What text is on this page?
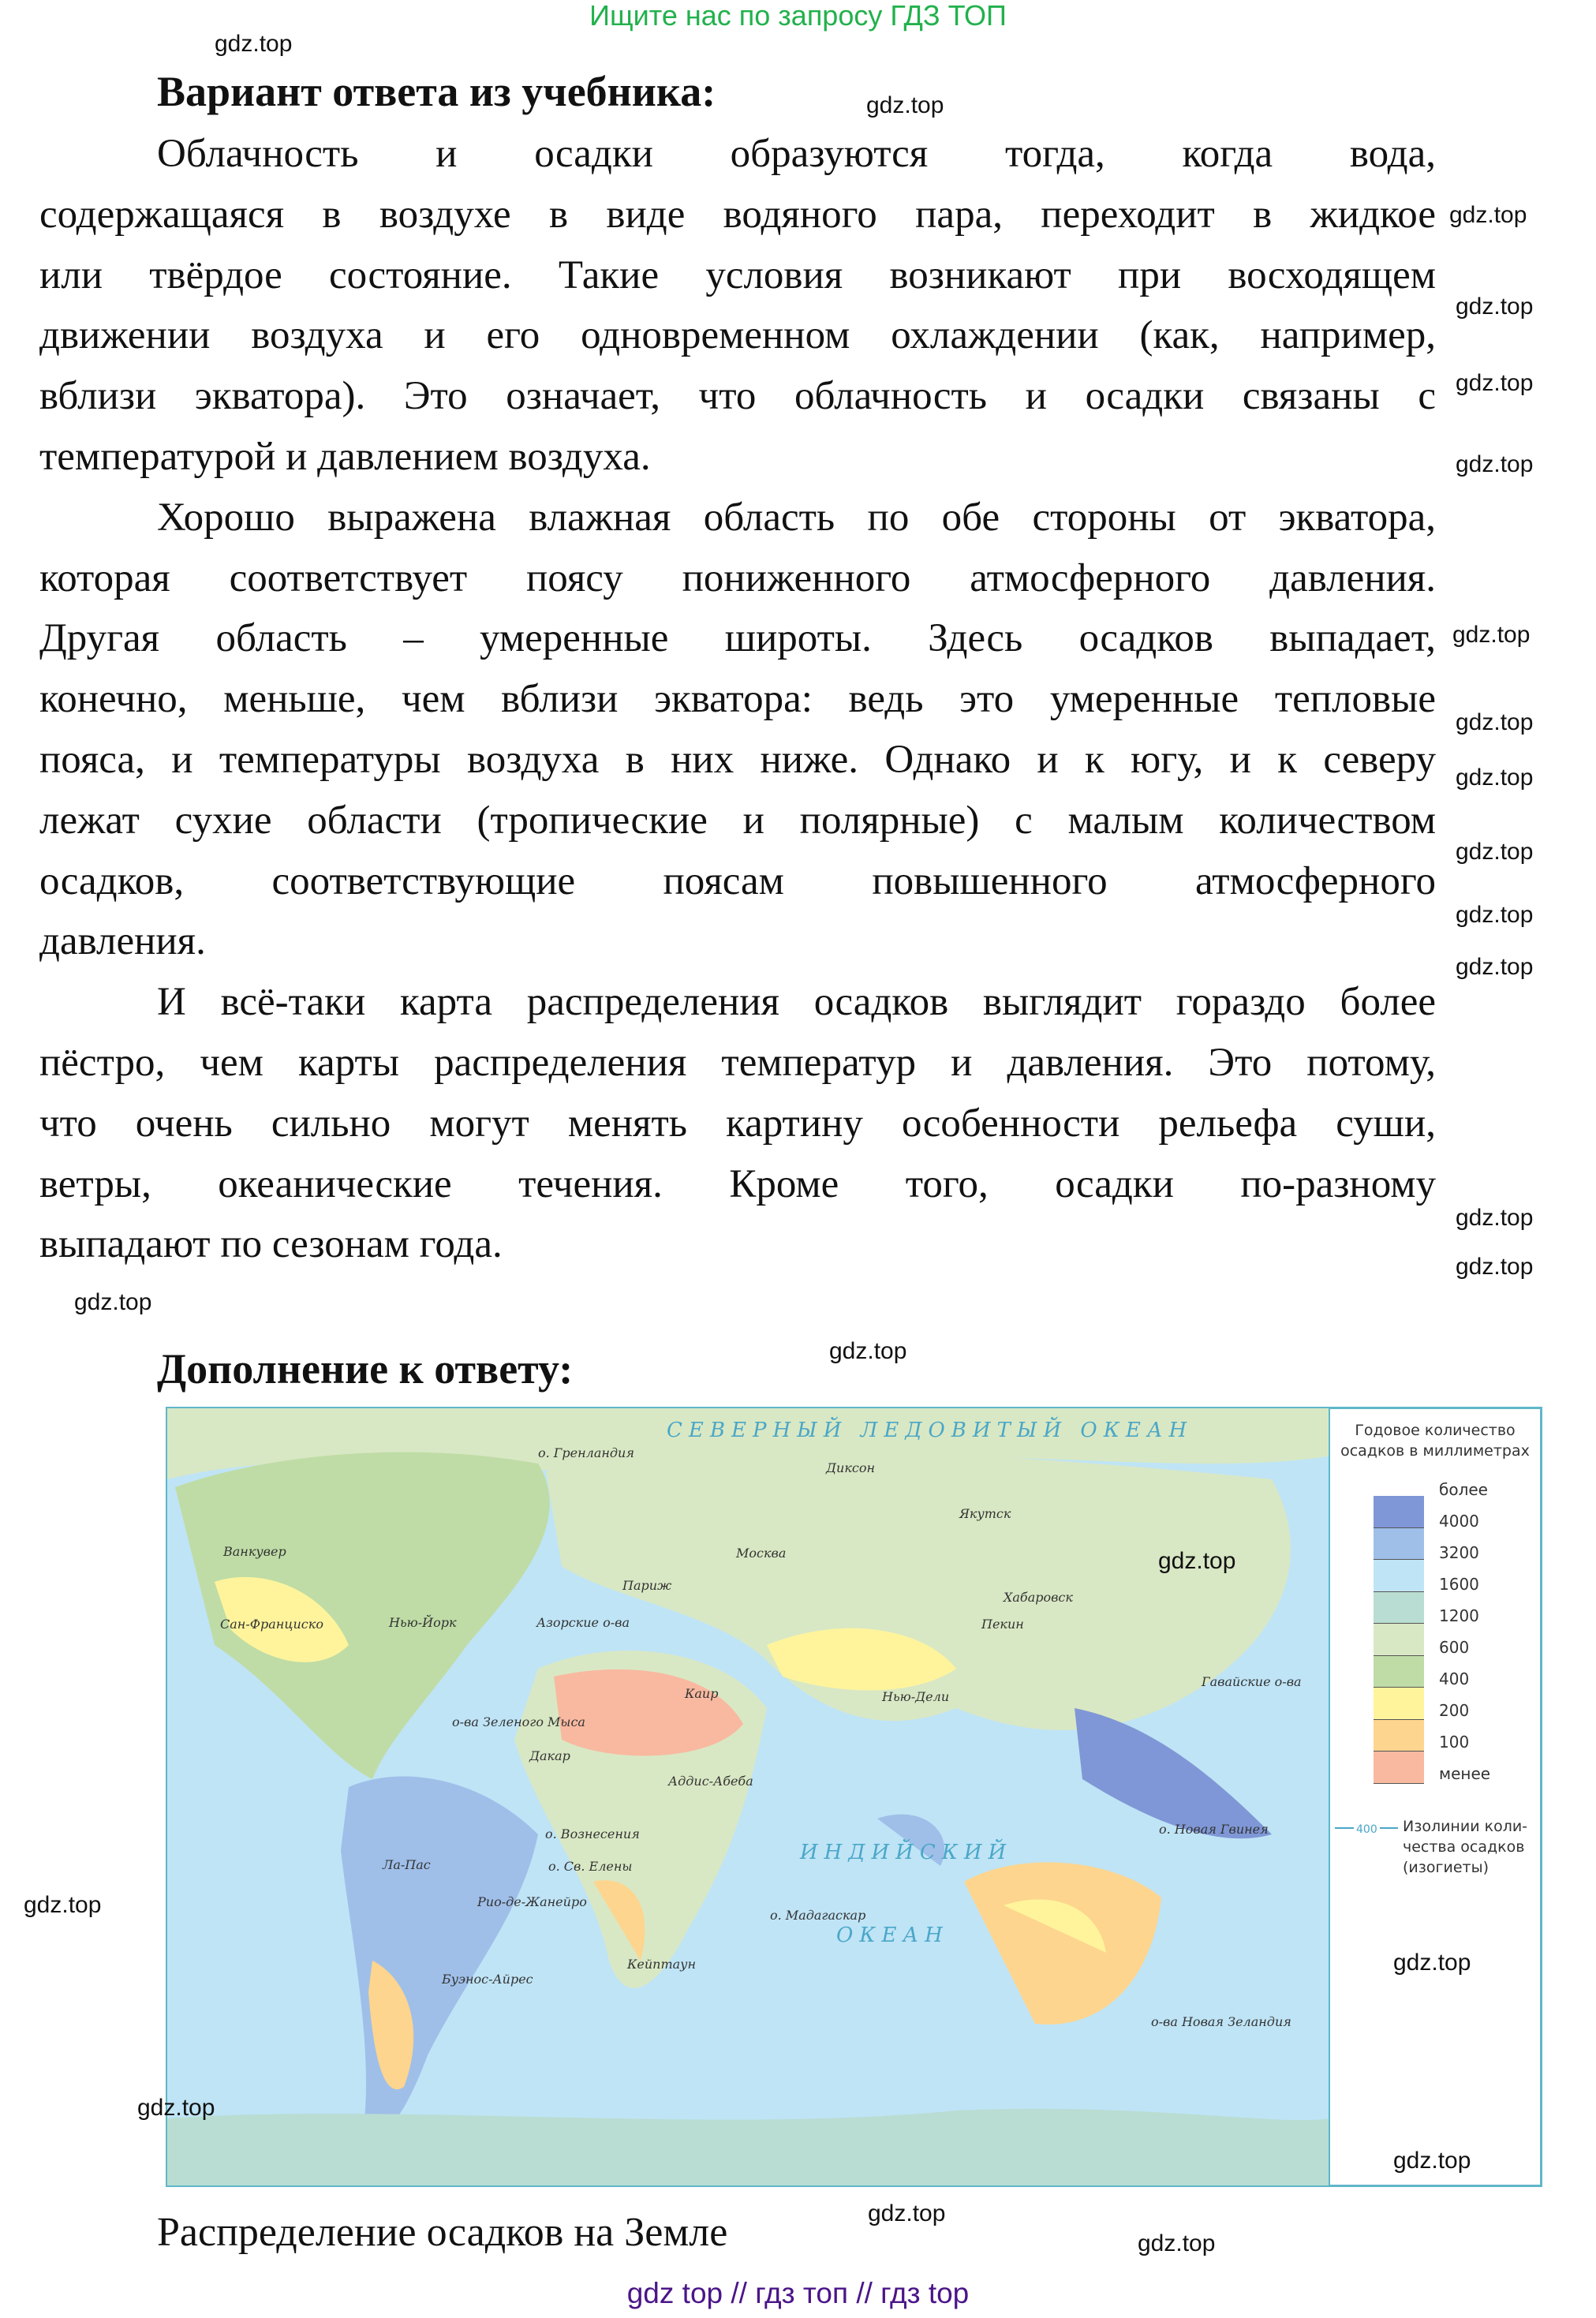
Ищите нас по запросу ГДЗ ТОП
Вариант ответа из учебника:
Облачность и осадки образуются тогда, когда вода,
содержащаяся в воздухе в виде водяного пара, переходит в жидкое
или твёрдое состояние. Такие условия возникают при восходящем
движении воздуха и его одновременном охлаждении (как, например,
вблизи экватора). Это означает, что облачность и осадки связаны с
температурой и давлением воздуха.
Хорошо выражена влажная область по обе стороны от экватора,
которая соответствует поясу пониженного атмосферного давления.
Другая область – умеренные широты. Здесь осадков выпадает,
конечно, меньше, чем вблизи экватора: ведь это умеренные тепловые
пояса, и температуры воздуха в них ниже. Однако и к югу, и к северу
лежат сухие области (тропические и полярные) с малым количеством
осадков, соответствующие поясам повышенного атмосферного
давления.
И всё-таки карта распределения осадков выглядит гораздо более
пёстро, чем карты распределения температур и давления. Это потому,
что очень сильно могут менять картину особенности рельефа суши,
ветры, океанические течения. Кроме того, осадки по-разному
выпадают по сезонам года.
Дополнение к ответу:
СЕВЕРНЫЙ ЛЕДОВИТЫЙ ОКЕАН
ИНДИЙСКИЙ
ОКЕАН
Москва
Париж
Нью-Йорк
Сан-Франциско
Ванкувер
Азорские о-ва
Каир
о-ва Зеленого Мыса
Дакар
Аддис-Абеба
Нью-Дели
Хабаровск
Якутск
Диксон
Пекин
Ла-Пас
о. Вознесения
о. Св. Елены
Рио-де-Жанейро
Буэнос-Айрес
Кейптаун
о. Мадагаскар
о. Новая Гвинея
о-ва Новая Зеландия
Гавайские о-ва
о. Гренландия
Годовое количество
осадков в миллиметрах
более
4000
3200
1600
1200
600
400
200
100
менее
400 Изолинии коли-
чества осадков
(изогиеты)
Распределение осадков на Земле
gdz top // гдз топ // гдз top
gdz.top
gdz.top
gdz.top
gdz.top
gdz.top
gdz.top
gdz.top
gdz.top
gdz.top
gdz.top
gdz.top
gdz.top
gdz.top
gdz.top
gdz.top
gdz.top
gdz.top
gdz.top
gdz.top
gdz.top
gdz.top
gdz.top
gdz.top
